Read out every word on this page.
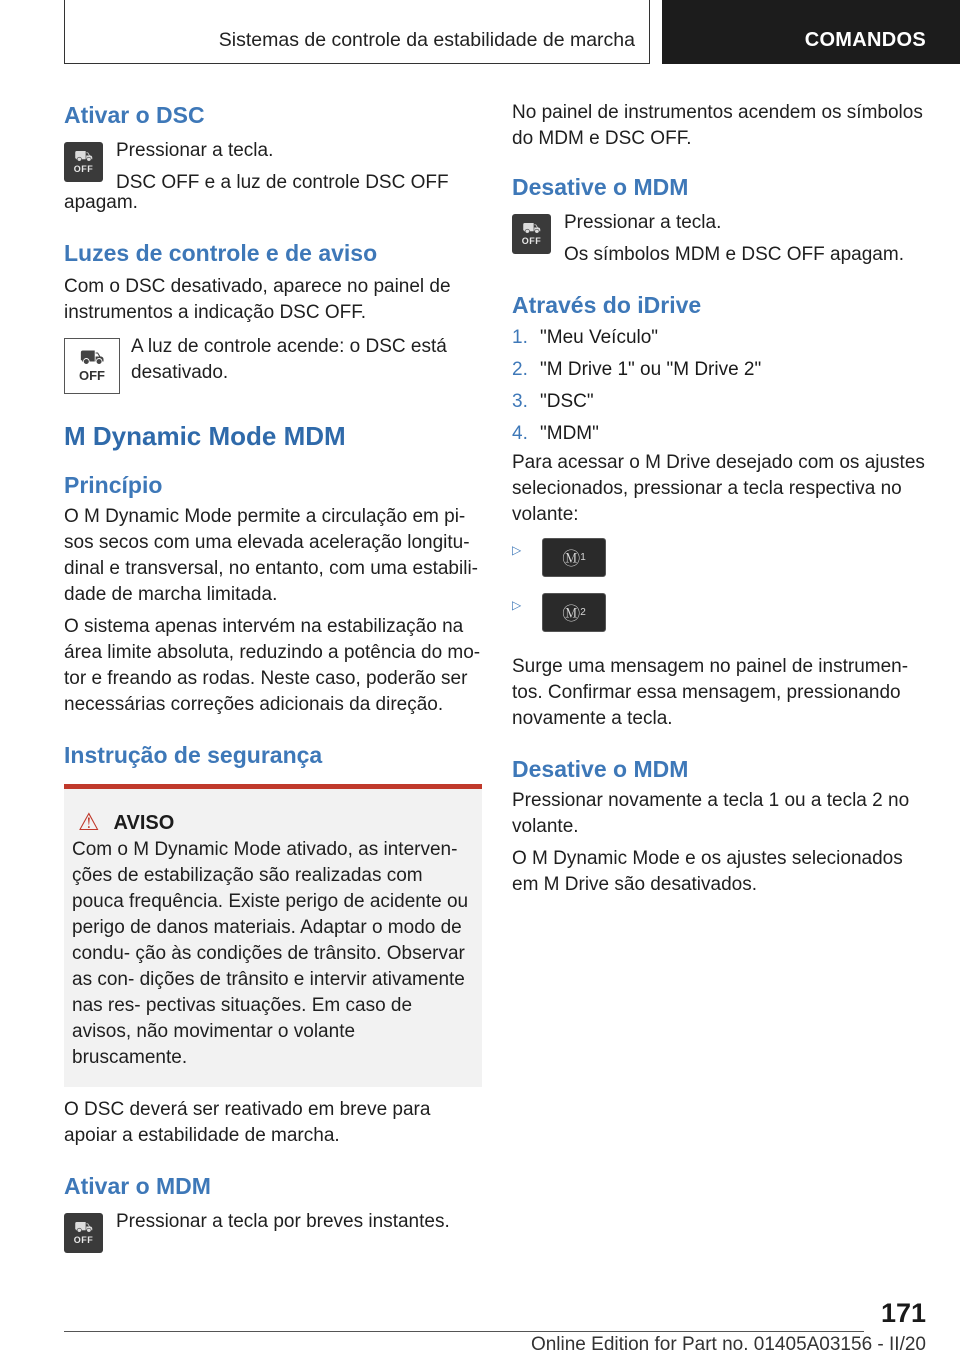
Sistemas de controle da estabilidade de marcha	COMANDOS
Ativar o DSC
⛟
OFF

Pressionar a tecla.

DSC OFF e a luz de controle DSC OFF

apagam.

Luzes de controle e de aviso

Com o DSC desativado, aparece no painel de instrumentos a indicação DSC OFF.

⛟
OFF

A luz de controle acende: o DSC está desativado.

M Dynamic Mode MDM
Princípio

O M Dynamic Mode permite a circulação em pi‐ sos secos com uma elevada aceleração longitu‐ dinal e transversal, no entanto, com uma estabili‐ dade de marcha limitada.

O sistema apenas intervém na estabilização na área limite absoluta, reduzindo a potência do mo‐ tor e freando as rodas. Neste caso, poderão ser necessárias correções adicionais da direção.

Instrução de segurança
⚠ AVISO

Com o M Dynamic Mode ativado, as interven‐ ções de estabilização são realizadas com pouca frequência. Existe perigo de acidente ou perigo de danos materiais. Adaptar o modo de condu‐ ção às condições de trânsito. Observar as con‐ dições de trânsito e intervir ativamente nas res‐ pectivas situações. Em caso de avisos, não movimentar o volante bruscamente.

O DSC deverá ser reativado em breve para apoiar a estabilidade de marcha.

Ativar o MDM
⛟
OFF

Pressionar a tecla por breves instantes.

No painel de instrumentos acendem os símbolos do MDM e DSC OFF.

Desative o MDM
⛟
OFF

Pressionar a tecla.

Os símbolos MDM e DSC OFF apagam.

Através do iDrive
1. "Meu Veículo"
2. "M Drive 1" ou "M Drive 2"
3. "DSC"
4. "MDM"

Para acessar o M Drive desejado com os ajustes selecionados, pressionar a tecla respectiva no volante:

▷	Ⓜ 1
▷	Ⓜ 2

Surge uma mensagem no painel de instrumen‐ tos. Confirmar essa mensagem, pressionando novamente a tecla.

Desative o MDM

Pressionar novamente a tecla 1 ou a tecla 2 no volante.

O M Dynamic Mode e os ajustes selecionados em M Drive são desativados.

171
Online Edition for Part no. 01405A03156 - II/20
